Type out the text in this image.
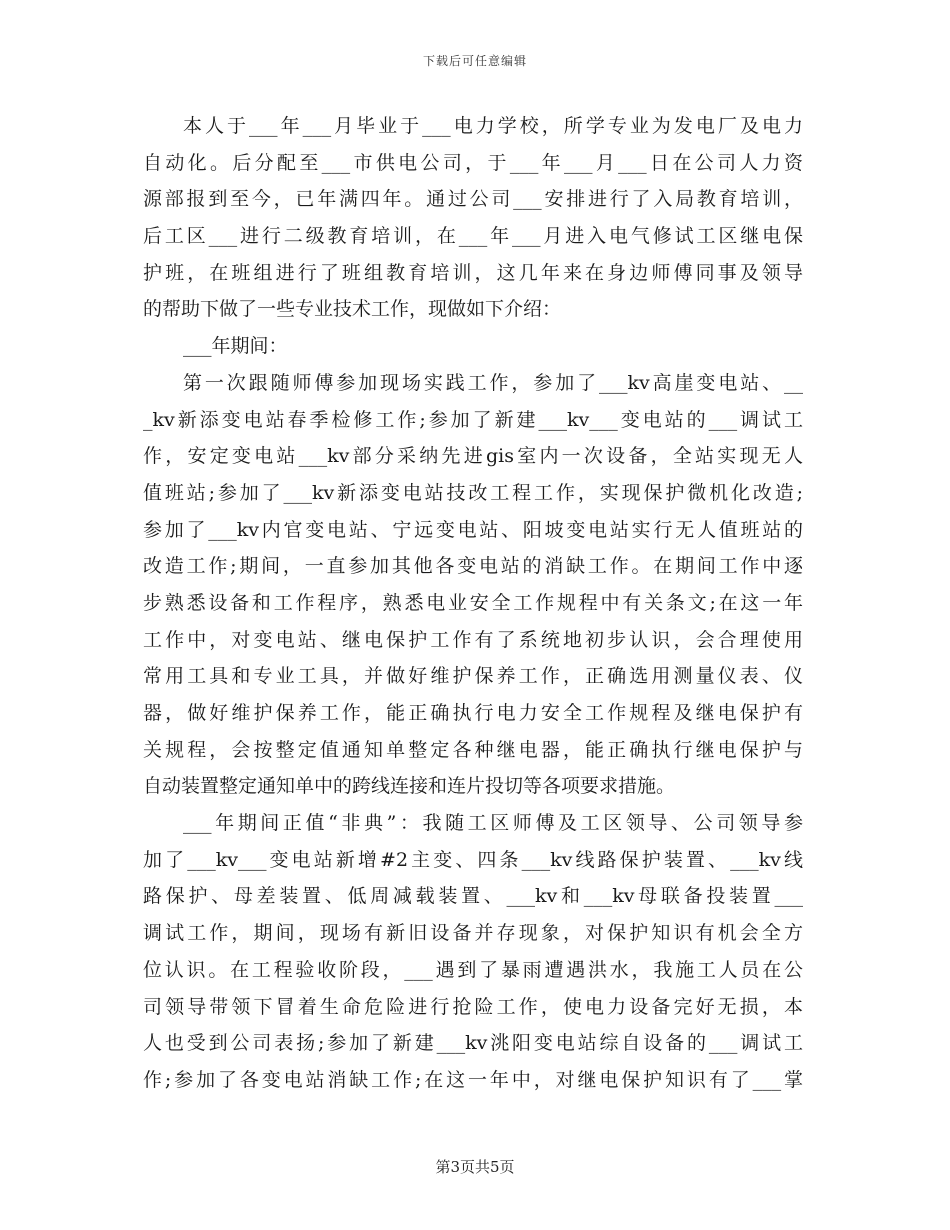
下载后可任意编辑
本人于___年___月毕业于___电力学校，所学专业为发电厂及电力
自动化。后分配至___市供电公司，于___年___月___日在公司人力资
源部报到至今，已年满四年。通过公司___安排进行了入局教育培训，
后工区___进行二级教育培训，在___年___月进入电气修试工区继电保
护班，在班组进行了班组教育培训，这几年来在身边师傅同事及领导
的帮助下做了一些专业技术工作，现做如下介绍：
___年期间：
第一次跟随师傅参加现场实践工作，参加了___kv高崖变电站、__
_kv新添变电站春季检修工作;参加了新建___kv___变电站的___调试工
作，安定变电站___kv部分采纳先进gis室内一次设备，全站实现无人
值班站;参加了___kv新添变电站技改工程工作，实现保护微机化改造;
参加了___kv内官变电站、宁远变电站、阳坡变电站实行无人值班站的
改造工作;期间，一直参加其他各变电站的消缺工作。在期间工作中逐
步熟悉设备和工作程序，熟悉电业安全工作规程中有关条文;在这一年
工作中，对变电站、继电保护工作有了系统地初步认识，会合理使用
常用工具和专业工具，并做好维护保养工作，正确选用测量仪表、仪
器，做好维护保养工作，能正确执行电力安全工作规程及继电保护有
关规程，会按整定值通知单整定各种继电器，能正确执行继电保护与
自动装置整定通知单中的跨线连接和连片投切等各项要求措施。
___年期间正值“非典”：我随工区师傅及工区领导、公司领导参
加了___kv___变电站新增#2主变、四条___kv线路保护装置、___kv线
路保护、母差装置、低周减载装置、___kv和___kv母联备投装置___
调试工作，期间，现场有新旧设备并存现象，对保护知识有机会全方
位认识。在工程验收阶段，___遇到了暴雨遭遇洪水，我施工人员在公
司领导带领下冒着生命危险进行抢险工作，使电力设备完好无损，本
人也受到公司表扬;参加了新建___kv洮阳变电站综自设备的___调试工
作;参加了各变电站消缺工作;在这一年中，对继电保护知识有了___掌
第3页共5页
